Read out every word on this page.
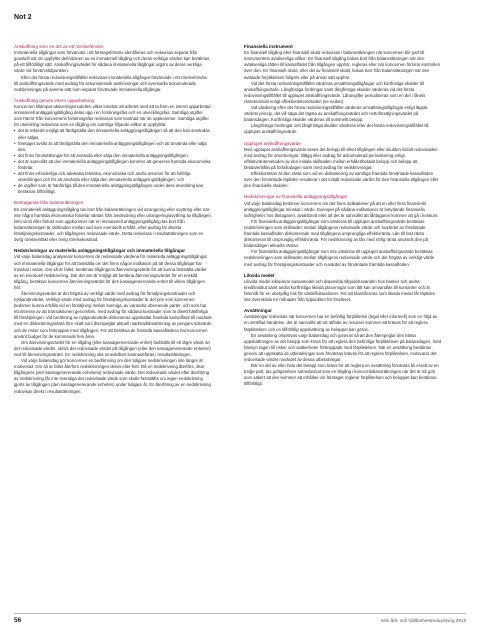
Not 2
Anskaffning som en del av ett rörelseförvärv

Immateriella tillgångar som förvärvats i ett företagsförvärv identifieras och redovisas separat från goodwill när de uppfyller definitionen av en immateriell tillgång och deras verkliga värden kan beräknas på ett tillförlitligt sätt. Anskaffningsvärdet för sådana immateriella tillgångar utgörs av deras verkliga värde vid förvärvstidpunkten.

Efter det första redovisningstillfället redovisas immateriella tillgångar förvärvade i ett rörelseförvärv till anskaffningsvärde med avdrag för ackumulerade avskrivningar och eventuella ackumulerade nedskrivningar på samma sätt som separat förvärvade immateriella tillgångar.

Anskaffning genom intern upparbetning

Koncernen tillämpar aktiveringsmodellen vilket innebär att arbetet med att ta fram en internt upparbetad immateriell anläggningstillgång delas upp i en forskningsfas och en utvecklingsfas. Samtliga utgifter som härrör från koncernens forskningsfas redovisas som kostnad när de uppkommer. Samtliga utgifter för utveckling redovisas som en tillgång om samtliga följande villkor är uppfyllda:

• det är tekniskt möjligt att färdigställa den immateriella anläggningstillgången så att den kan användas eller säljas,
• företaget avsikt är att färdigställa den immateriella anläggningstillgången och att använda eller sälja den,
• det finns förutsättningar för att använda eller sälja den immateriella anläggningstillgången,
• det är sannolikt att den immateriella anläggningstillgången kommer att generera framtida ekonomiska fördelar,
• det finns erforderliga och adekvata tekniska, ekonomiska och andra resurser för att fullfölja utvecklingen och för att använda eller sälja den immateriella anläggningstillgången, och
• de utgifter som är hänförliga till den immateriella anläggningstillgången under dess utveckling kan beräknas tillförlitligt.
Borttagande från balansräkningen

En immateriell anläggningstillgång tas bort från balansräkningen vid utrangering eller avyttring eller när inte några framtida ekonomiska fördelar väntas från användning eller utrangering/avyttring av tillgången. Den vinst eller förlust som uppkommer när en immateriell anläggningstillgång tas bort från balansräkningen är skillnaden mellan vad som eventuellt erhålls, efter avdrag för direkta försäljningskostnader, och tillgångens redovisade värde. Detta redovisas i resultaträkningen som en övrig rörelseintäkt eller övrig rörelsekostnad.

Nedskrivningar av materiella anläggningstillgångar och immateriella tillgångar

Vid varje balansdag analyserar koncernen de redovisade värdena för materiella anläggningstillgångar och immateriella tillgångar för att fastställa om det finns någon indikation på att dessa tillgångar har minskat i värde. Om så är fallet, beräknas tillgångens återvinningsvärde för att kunna fastställa värdet av en eventuell nedskrivning. Där det inte är möjligt att beräkna återvinningsvärdet för en enskild tillgång, beräknar koncernen återvinningsvärdet för den kassagenererande enhet till vilken tillgången hör.

Återvinningsvärdet är det högsta av verkligt värde med avdrag för försäljningskostnader och nyttjandevärdet. Verkligt värde med avdrag för försäljningskostnader är det pris som koncernen bedömer kunna erhålla vid en försäljning mellan kunniga, av varandra oberoende parter, och som har ett intresse av att transaktionen genomförs, med avdrag för sådana kostnader som är direkt hänförliga till försäljningen. Vid beräkning av nyttjandevärde diskonteras uppskattat framtida kassaflöde till nuvärde med en diskonteringsränta före skatt som återspeglar aktuell marknadsbedömning av pengars tidsvärde och de risker som förknippas med tillgången. För att beräkna de framtida kassaflödena har koncernen använt budget för de kommande fem åren.

Om återvinningsvärdet för en tillgång (eller kassagenererande enhet) fastställs till ett lägre värde än det redovisade värdet, skrivs det redovisade värdet på tillgången (eller den kassagenererande enheten) ned till återvinningsvärdet. En nedskrivning ska omedelbart kostnadsföras i resultaträkningen.

Vid varje balansdag gör koncernen en bedömning om den tidigare nedskrivningen inte längre är motiverad. Om så är fallet återförs nedskrivningen delvis eller helt. Då en nedskrivning återförs, ökar tillgångens (den kassagenererande enhetens) redovisade värde. Det redovisade värdet efter återföring av nedskrivning får inte överstiga det redovisade värde som skulle fastställts om ingen nedskrivning gjorts av tillgången (den kassagenererande enheten) under tidigare år. En återföring av en nedskrivning redovisas direkt i resultaträkningen.

Finansiella instrument

En finansiell tillgång eller finansiell skuld redovisas i balansräkningen när koncernen blir part till instrumentets avtalsenliga villkor. En finansiell tillgång bokas bort från balansräkningen när den avtalsenliga rätten till kassaflödet från tillgången upphör, regleras eller när koncernen förlorar kontrollen över den. En finansiell skuld, eller del av finansiell skuld, bokas bort från balansräkningen när den avtalade förpliktelsen fullgörs eller på annat sätt upphör.

Vid det första redovisningstillfället värderas omsättningstillgångar och kortfristiga skulder till anskaffningsvärde. Långfristiga fordringar samt långfristiga skulder värderas vid det första redovisningstillfället till upplupet anskaffningsvärde. Lånavgifter periodiseras som en del i lånets räntekostnad enligt effektivräntemetoden (se nedan).

Vid värdering efter det första redovisningstillfället värderas omsättningstillgångar enligt lägsta värdets princip, det vill säga det lägsta av anskaffningsvärdet och nettoförsäljningsvärdet på balansdagen. Kortfristiga skulder värderas till nominellt belopp.

Långfristiga fordringar och långfristiga skulder värderas efter det första redovisningstillfället till upplupet anskaffningsvärde.

Upplupet anskaffningsvärde

Med upplupet anskaffningsvärde avses det belopp till vilket tillgången eller skulden initialt redovisades med avdrag för amorteringar, tillägg eller avdrag för ackumulerad periodisering enligt effektivräntemetoden av den initiala skillnaden mellan erhållet/betalat belopp och belopp att betala/erhålla på förfallodagen samt med avdrag för nedskrivningar.

Effektivräntan är den ränta som vid en diskontering av samtliga framtida förväntade kassaflöden över den förväntade löptiden resulterar i det initialt redovisade värdet för den finansiella tillgången eller den finansiella skulden.

Nedskrivningar av finansiella anläggningstillgångar

Vid varje balansdag bedömer koncernen om det finns indikationer på att en eller flera finansiella anläggningstillgångar minskat i värde. Exempel på sådana indikationer är betydande finansiella svårigheter hos låntagaren, avtalsbrott eller att det är sannolikt att låntagaren kommer att gå i konkurs.

För finansiella anläggningstillgångar som värderas till upplupet anskaffningsvärde beräknas nedskrivningen som skillnaden mellan tillgångens redovisade värde och nuvärdet av förväntade framtida kassaflöden diskonterade med tillgångens ursprungliga effektivränta. Lån till fast ränta diskonteras till ursprunglig effektivränta. För nedskrivning av lån med rörlig ränta används den på balansdagen aktuella räntan.

För finansiella anläggningstillgångar som inte värderas till upplupet anskaffningsvärde beräknas nedskrivningen som skillnaden mellan tillgångens redovisade värde och det högsta av verkligt värde med avdrag för försäljningskostnader och nuvärdet av förväntade framtida kassaflöden.

Likvida medel

Likvida medel inkluderar kassamedel och disponibla tillgodohavanden hos banker och andra kreditinstitut samt andra kortfristiga likvida placeringar som lätt kan omvandlas till kontanter och är föremål för en obetydlig risk för värdefluktuationer. För att klassificeras som likvida medel får löptiden inte överskrida tre månader från tidpunkten för förvärvet.

Avsättningar

Avsättningar redovisas när koncernen har en befintlig förpliktelse (legal eller informell) som en följd av en inträffad händelse, det är sannolikt att ett utflöde av resurser kommer att krävas för att reglera förpliktelsen och en tillförlitlig uppskattning av beloppet kan göras.

En avsättning omprövas varje balansdag och justeras så att den återspeglar den bästa uppskattningen av det belopp som krävs för att reglera den befintliga förpliktelsen på balansdagen, med hänsyn tagen till risker och osäkerheter förknippade med förpliktelsen. När en avsättning beräknas genom att uppskatta de utbetalningar som förväntas krävas för att reglera förpliktelsen, motsvarar det redovisade värdet nuvärdet av dessa utbetalningar.

Där en del av eller hela det belopp som krävs för att reglera en avsättning förväntas bli ersatt av en tredje part, tas gottgörelsen särredovisat som en tillgång i koncernbalansräkningen när det är så gott som säkert att den kommer att erhållas om företaget reglerar förpliktelsen och beloppet kan beräknas tillförlitligt.

56	Almi års- och hållbarhetsredovisning 2019
